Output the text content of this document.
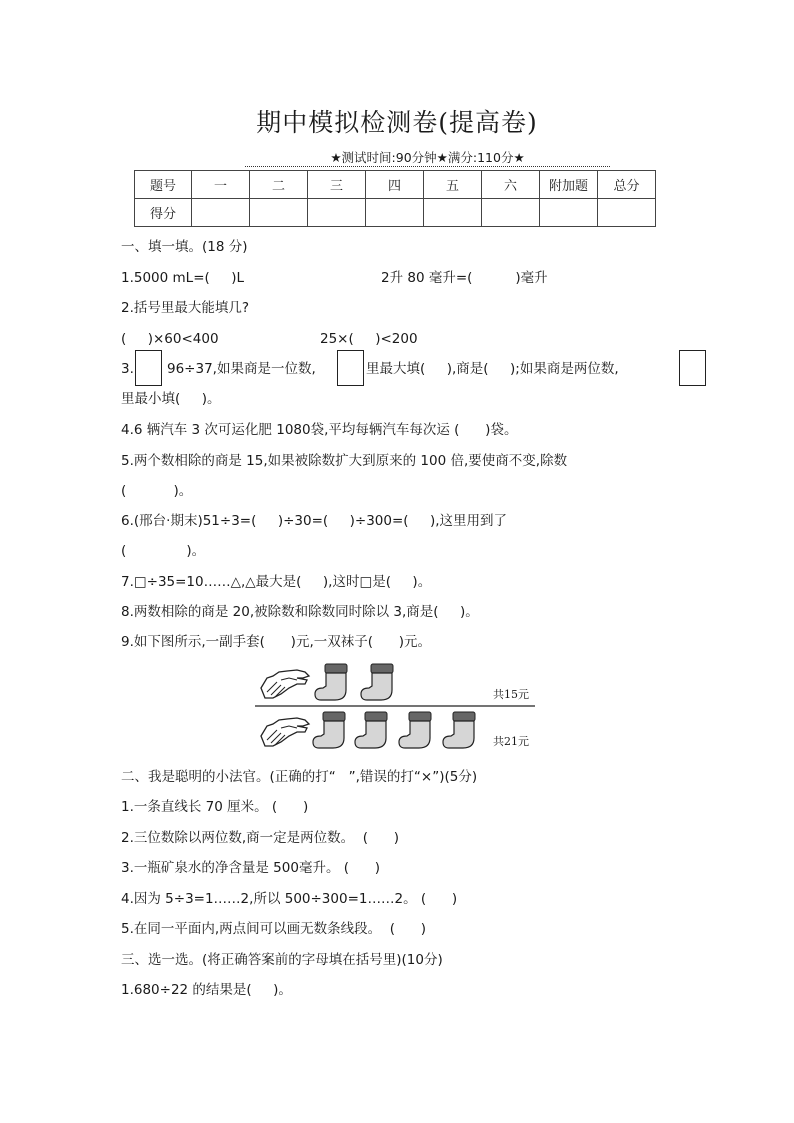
期中模拟检测卷(提高卷)
★测试时间:90分钟★满分:110分★
题号	一	二	三	四	五	六	附加题	总分
得分								
一、填一填。(18 分)
1.5000 mL=(     )L	2升 80 毫升=(          )毫升
2.括号里最大能填几?
(     )×60<400	25×(     )<200
3. 96÷37,如果商是一位数,	里最大填(     ),商是(     );如果商是两位数,
里最小填(     )。
4.6 辆汽车 3 次可运化肥 1080袋,平均每辆汽车每次运 (      )袋。
5.两个数相除的商是 15,如果被除数扩大到原来的 100 倍,要使商不变,除数
(           )。
6.(邢台·期末)51÷3=(     )÷30=(     )÷300=(     ),这里用到了
(              )。
7.□÷35=10……△,△最大是(     ),这时□是(     )。
8.两数相除的商是 20,被除数和除数同时除以 3,商是(     )。
9.如下图所示,一副手套(      )元,一双袜子(      )元。
共15元
共21元
二、我是聪明的小法官。(正确的打“   ”,错误的打“×”)(5分)
1.一条直线长 70 厘米。 (      )
2.三位数除以两位数,商一定是两位数。  (      )
3.一瓶矿泉水的净含量是 500毫升。 (      )
4.因为 5÷3=1……2,所以 500÷300=1……2。 (      )
5.在同一平面内,两点间可以画无数条线段。  (      )
三、选一选。(将正确答案前的字母填在括号里)(10分)
1.680÷22 的结果是(     )。
